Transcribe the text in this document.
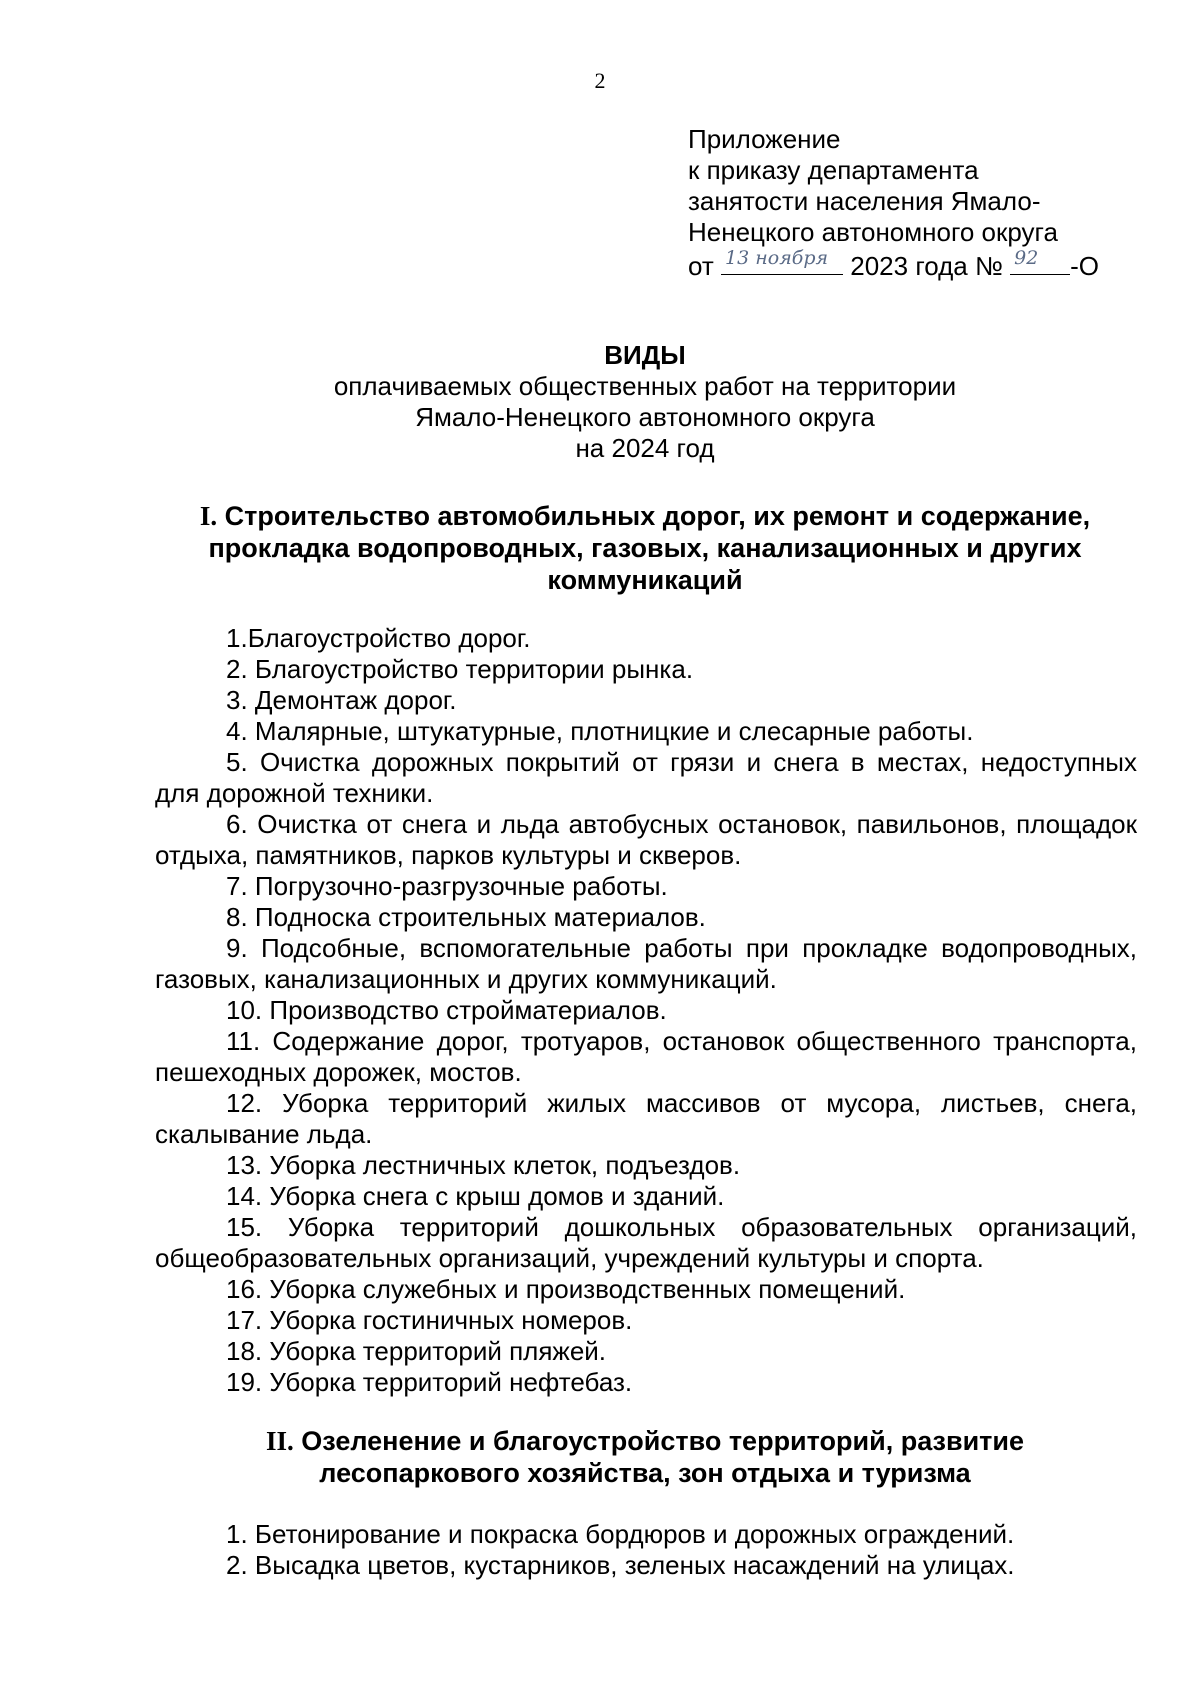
2
Приложение
к приказу департамента
занятости населения Ямало-
Ненецкого автономного округа
от 13 ноября 2023 года № 92 -О
ВИДЫ
оплачиваемых общественных работ на территории
Ямало-Ненецкого автономного округа
на 2024 год
I. Строительство автомобильных дорог, их ремонт и содержание,
прокладка водопроводных, газовых, канализационных и других
коммуникаций

1.Благоустройство дорог.

2. Благоустройство территории рынка.

3. Демонтаж дорог.

4. Малярные, штукатурные, плотницкие и слесарные работы.

5. Очистка дорожных покрытий от грязи и снега в местах, недоступных для дорожной техники.

6. Очистка от снега и льда автобусных остановок, павильонов, площадок отдыха, памятников, парков культуры и скверов.

7. Погрузочно-разгрузочные работы.

8. Подноска строительных материалов.

9. Подсобные, вспомогательные работы при прокладке водопроводных, газовых, канализационных и других коммуникаций.

10. Производство стройматериалов.

11. Содержание дорог, тротуаров, остановок общественного транспорта, пешеходных дорожек, мостов.

12. Уборка территорий жилых массивов от мусора, листьев, снега, скалывание льда.

13. Уборка лестничных клеток, подъездов.

14. Уборка снега с крыш домов и зданий.

15. Уборка территорий дошкольных образовательных организаций, общеобразовательных организаций, учреждений культуры и спорта.

16. Уборка служебных и производственных помещений.

17. Уборка гостиничных номеров.

18. Уборка территорий пляжей.

19. Уборка территорий нефтебаз.

II. Озеленение и благоустройство территорий, развитие
лесопаркового хозяйства, зон отдыха и туризма

1. Бетонирование и покраска бордюров и дорожных ограждений.

2. Высадка цветов, кустарников, зеленых насаждений на улицах.
